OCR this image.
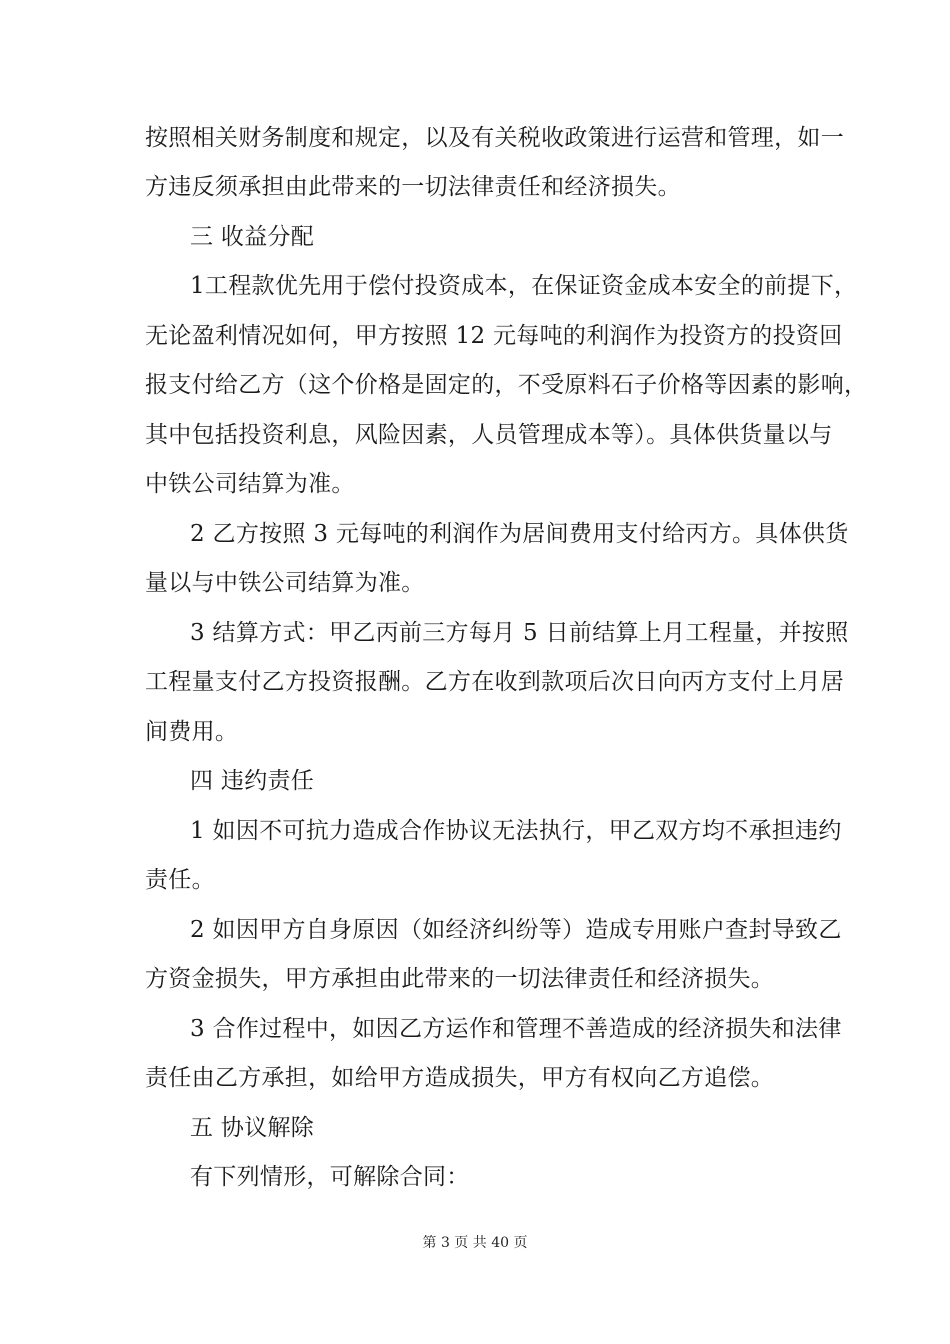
按照相关财务制度和规定，以及有关税收政策进行运营和管理，如一
方违反须承担由此带来的一切法律责任和经济损失。
三 收益分配
1工程款优先用于偿付投资成本，在保证资金成本安全的前提下，
无论盈利情况如何，甲方按照 12 元每吨的利润作为投资方的投资回
报支付给乙方（这个价格是固定的，不受原料石子价格等因素的影响，
其中包括投资利息，风险因素，人员管理成本等）。具体供货量以与
中铁公司结算为准。
2 乙方按照 3 元每吨的利润作为居间费用支付给丙方。具体供货
量以与中铁公司结算为准。
3 结算方式：甲乙丙前三方每月 5 日前结算上月工程量，并按照
工程量支付乙方投资报酬。乙方在收到款项后次日向丙方支付上月居
间费用。
四 违约责任
1 如因不可抗力造成合作协议无法执行，甲乙双方均不承担违约
责任。
2 如因甲方自身原因（如经济纠纷等）造成专用账户查封导致乙
方资金损失，甲方承担由此带来的一切法律责任和经济损失。
3 合作过程中，如因乙方运作和管理不善造成的经济损失和法律
责任由乙方承担，如给甲方造成损失，甲方有权向乙方追偿。
五 协议解除
有下列情形，可解除合同：
第 3 页 共 40 页
